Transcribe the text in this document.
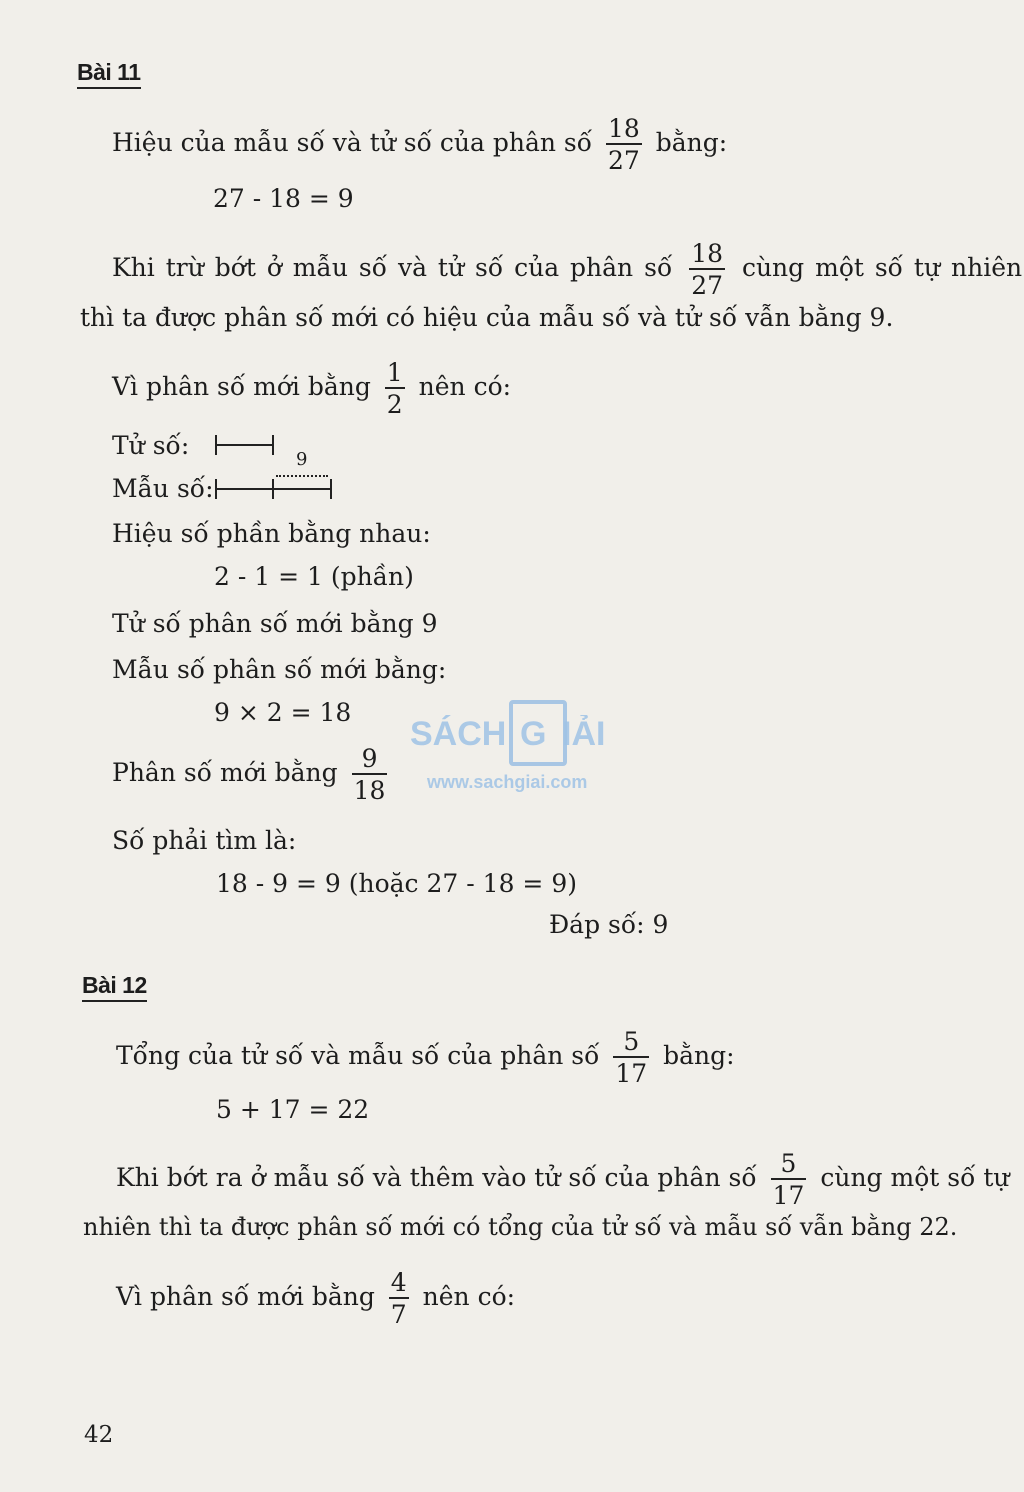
SÁCH G IẢI
www.sachgiai.com
Bài 11
Hiệu của mẫu số và tử số của phân số $\frac{18}{27}$ bằng:
27 - 18 = 9
Khi trừ bớt ở mẫu số và tử số của phân số $\frac{18}{27}$ cùng một số tự nhiên
thì ta được phân số mới có hiệu của mẫu số và tử số vẫn bằng 9.
Vì phân số mới bằng $\frac{1}{2}$ nên có:
Tử số:	9
Mẫu số:
Hiệu số phần bằng nhau:
2 - 1 = 1 (phần)
Tử số phân số mới bằng 9
Mẫu số phân số mới bằng:
9 × 2 = 18
Phân số mới bằng $\frac{9}{18}$
Số phải tìm là:
18 - 9 = 9 (hoặc 27 - 18 = 9)
Đáp số: 9
Bài 12
Tổng của tử số và mẫu số của phân số $\frac{5}{17}$ bằng:
5 + 17 = 22
Khi bớt ra ở mẫu số và thêm vào tử số của phân số $\frac{5}{17}$ cùng một số tự
nhiên thì ta được phân số mới có tổng của tử số và mẫu số vẫn bằng 22.
Vì phân số mới bằng $\frac{4}{7}$ nên có:
42
